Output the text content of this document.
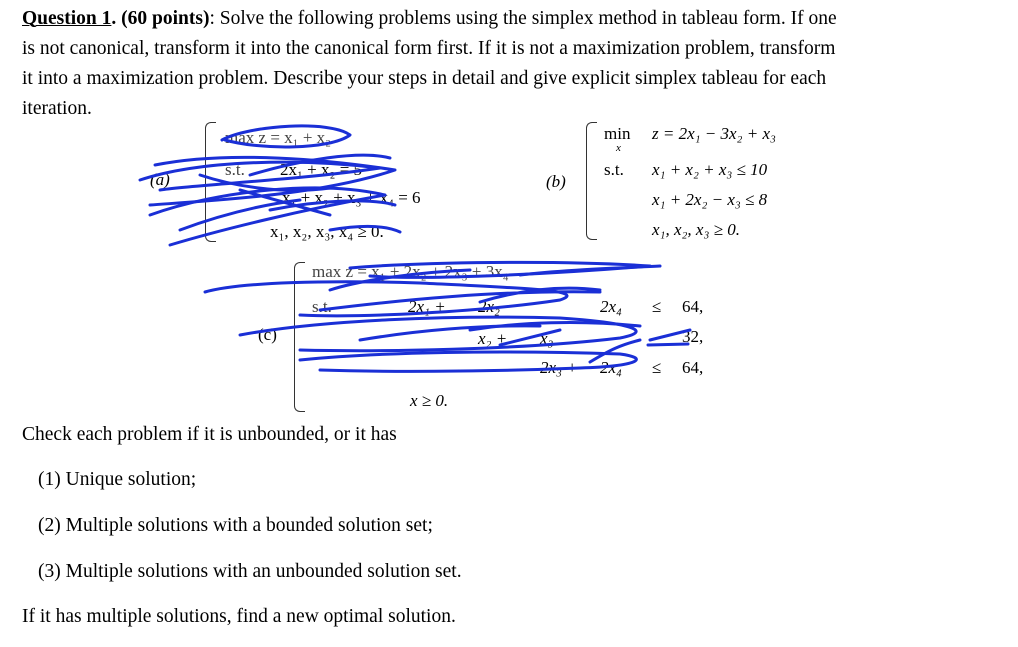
Question 1. (60 points): Solve the following problems using the simplex method in tableau form. If one
is not canonical, transform it into the canonical form first. If it is not a maximization problem, transform
it into a maximization problem. Describe your steps in detail and give explicit simplex tableau for each
iteration.
(a)
max z = x₁ + x₂
s.t. 2x₁ + x₂ = 5
x₁ + x₂ + x₃ + x₄ = 6
x₁, x₂, x₃, x₄ ≥ 0.
(b)
min
x
z = 2x₁ − 3x₂ + x₃
s.t. x₁ + x₂ + x₃ ≤ 10
x₁ + 2x₂ − x₃ ≤ 8
x₁, x₂, x₃ ≥ 0.
(c)
max z = x₁ + 2x₂ + 2x₃ + 3x₄
s.t.	2x₁ + 2x₂	2x₄ ≤ 64,
x₂ + x₃	32,
2x₃ + 2x₄ ≤ 64,
x ≥ 0.
Check each problem if it is unbounded, or it has
(1) Unique solution;
(2) Multiple solutions with a bounded solution set;
(3) Multiple solutions with an unbounded solution set.
If it has multiple solutions, find a new optimal solution.
